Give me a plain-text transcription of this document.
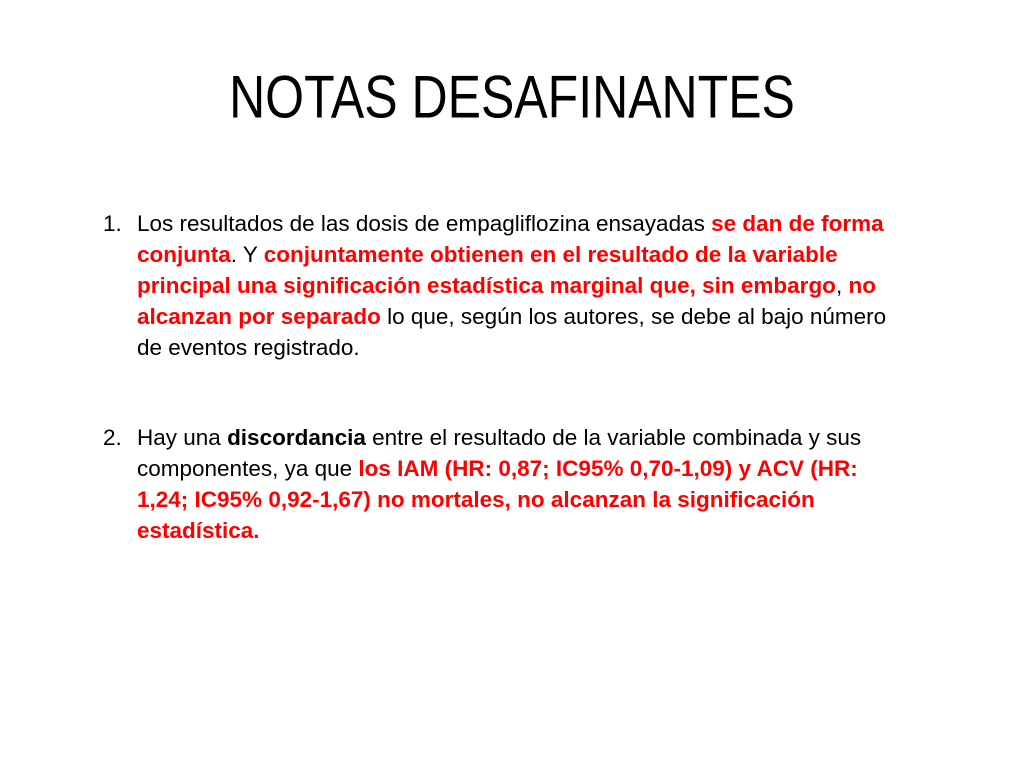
NOTAS DESAFINANTES
1. Los resultados de las dosis de empagliflozina ensayadas se dan de forma
conjunta. Y conjuntamente obtienen en el resultado de la variable
principal una significación estadística marginal que, sin embargo, no
alcanzan por separado lo que, según los autores, se debe al bajo número
de eventos registrado.
2. Hay una discordancia entre el resultado de la variable combinada y sus
componentes, ya que los IAM (HR: 0,87; IC95% 0,70-1,09) y ACV (HR:
1,24; IC95% 0,92-1,67) no mortales, no alcanzan la significación
estadística.
